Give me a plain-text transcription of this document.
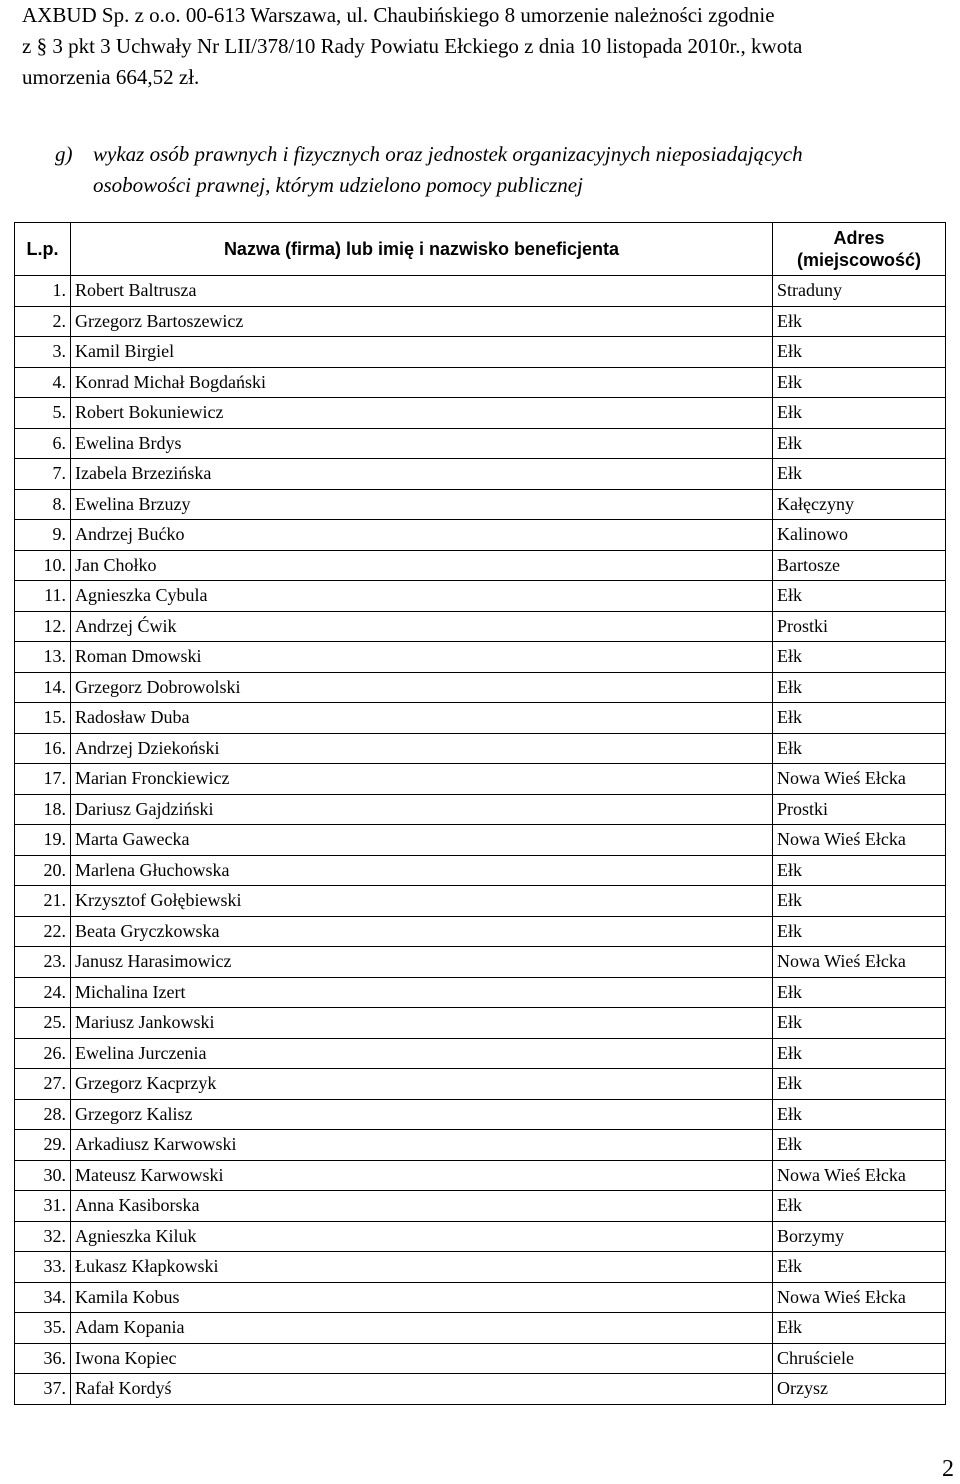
AXBUD Sp. z o.o. 00-613 Warszawa, ul. Chaubińskiego 8 umorzenie należności zgodnie
z § 3 pkt 3 Uchwały Nr LII/378/10 Rady Powiatu Ełckiego z dnia 10 listopada 2010r., kwota
umorzenia 664,52 zł.
g) wykaz osób prawnych i fizycznych oraz jednostek organizacyjnych nieposiadających
osobowości prawnej, którym udzielono pomocy publicznej
L.p.	Nazwa (firma) lub imię i nazwisko beneficjenta	Adres
(miejscowość)

1.	Robert Baltrusza	Straduny
2.	Grzegorz Bartoszewicz	Ełk
3.	Kamil Birgiel	Ełk
4.	Konrad Michał Bogdański	Ełk
5.	Robert Bokuniewicz	Ełk
6.	Ewelina Brdys	Ełk
7.	Izabela Brzezińska	Ełk
8.	Ewelina Brzuzy	Kałęczyny
9.	Andrzej Bućko	Kalinowo
10.	Jan Chołko	Bartosze
11.	Agnieszka Cybula	Ełk
12.	Andrzej Ćwik	Prostki
13.	Roman Dmowski	Ełk
14.	Grzegorz Dobrowolski	Ełk
15.	Radosław Duba	Ełk
16.	Andrzej Dziekoński	Ełk
17.	Marian Fronckiewicz	Nowa Wieś Ełcka
18.	Dariusz Gajdziński	Prostki
19.	Marta Gawecka	Nowa Wieś Ełcka
20.	Marlena Głuchowska	Ełk
21.	Krzysztof Gołębiewski	Ełk
22.	Beata Gryczkowska	Ełk
23.	Janusz Harasimowicz	Nowa Wieś Ełcka
24.	Michalina Izert	Ełk
25.	Mariusz Jankowski	Ełk
26.	Ewelina Jurczenia	Ełk
27.	Grzegorz Kacprzyk	Ełk
28.	Grzegorz Kalisz	Ełk
29.	Arkadiusz Karwowski	Ełk
30.	Mateusz Karwowski	Nowa Wieś Ełcka
31.	Anna Kasiborska	Ełk
32.	Agnieszka Kiluk	Borzymy
33.	Łukasz Kłapkowski	Ełk
34.	Kamila Kobus	Nowa Wieś Ełcka
35.	Adam Kopania	Ełk
36.	Iwona Kopiec	Chruściele
37.	Rafał Kordyś	Orzysz
2
